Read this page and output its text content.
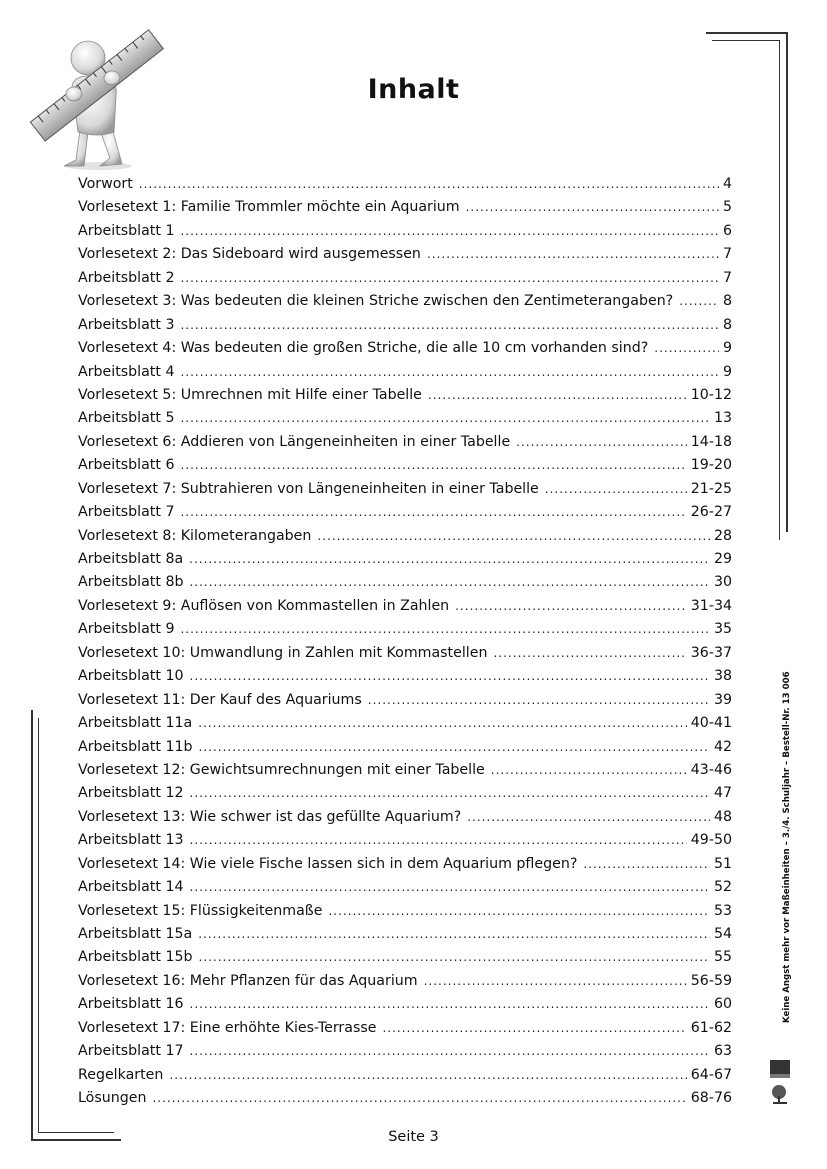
Inhalt
Vorwort .....	4
Vorlesetext 1: Familie Trommler möchte ein Aquarium .....	5
Arbeitsblatt 1 .....	6
Vorlesetext 2: Das Sideboard wird ausgemessen .....	7
Arbeitsblatt 2 .....	7
Vorlesetext 3: Was bedeuten die kleinen Striche zwischen den Zentimeterangaben? .....	8
Arbeitsblatt 3 .....	8
Vorlesetext 4: Was bedeuten die großen Striche, die alle 10 cm vorhanden sind? .....	9
Arbeitsblatt 4 .....	9
Vorlesetext 5: Umrechnen mit Hilfe einer Tabelle .....	10-12
Arbeitsblatt 5 .....	13
Vorlesetext 6: Addieren von Längeneinheiten in einer Tabelle .....	14-18
Arbeitsblatt 6 .....	19-20
Vorlesetext 7: Subtrahieren von Längeneinheiten in einer Tabelle .....	21-25
Arbeitsblatt 7 .....	26-27
Vorlesetext 8: Kilometerangaben .....	28
Arbeitsblatt 8a .....	29
Arbeitsblatt 8b .....	30
Vorlesetext 9: Auflösen von Kommastellen in Zahlen .....	31-34
Arbeitsblatt 9 .....	35
Vorlesetext 10: Umwandlung in Zahlen mit Kommastellen .....	36-37
Arbeitsblatt 10 .....	38
Vorlesetext 11: Der Kauf des Aquariums .....	39
Arbeitsblatt 11a .....	40-41
Arbeitsblatt 11b .....	42
Vorlesetext 12: Gewichtsumrechnungen mit einer Tabelle .....	43-46
Arbeitsblatt 12 .....	47
Vorlesetext 13: Wie schwer ist das gefüllte Aquarium? .....	48
Arbeitsblatt 13 .....	49-50
Vorlesetext 14: Wie viele Fische lassen sich in dem Aquarium pflegen? .....	51
Arbeitsblatt 14 .....	52
Vorlesetext 15: Flüssigkeitenmaße .....	53
Arbeitsblatt 15a .....	54
Arbeitsblatt 15b .....	55
Vorlesetext 16: Mehr Pflanzen für das Aquarium .....	56-59
Arbeitsblatt 16 .....	60
Vorlesetext 17: Eine erhöhte Kies-Terrasse .....	61-62
Arbeitsblatt 17 .....	63
Regelkarten .....	64-67
Lösungen .....	68-76
Keine Angst mehr vor Maßeinheiten – 3./4. Schuljahr – Bestell-Nr. 13 006
Seite 3
